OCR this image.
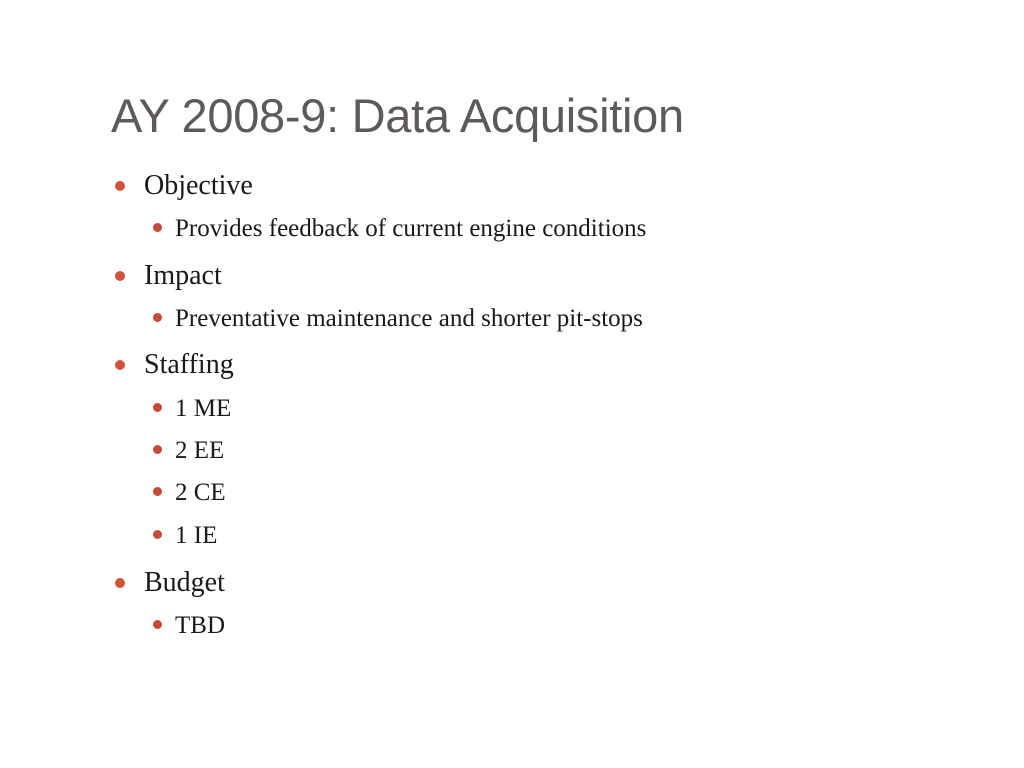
AY 2008-9: Data Acquisition
Objective
Provides feedback of current engine conditions
Impact
Preventative maintenance and shorter pit-stops
Staffing
1 ME
2 EE
2 CE
1 IE
Budget
TBD
